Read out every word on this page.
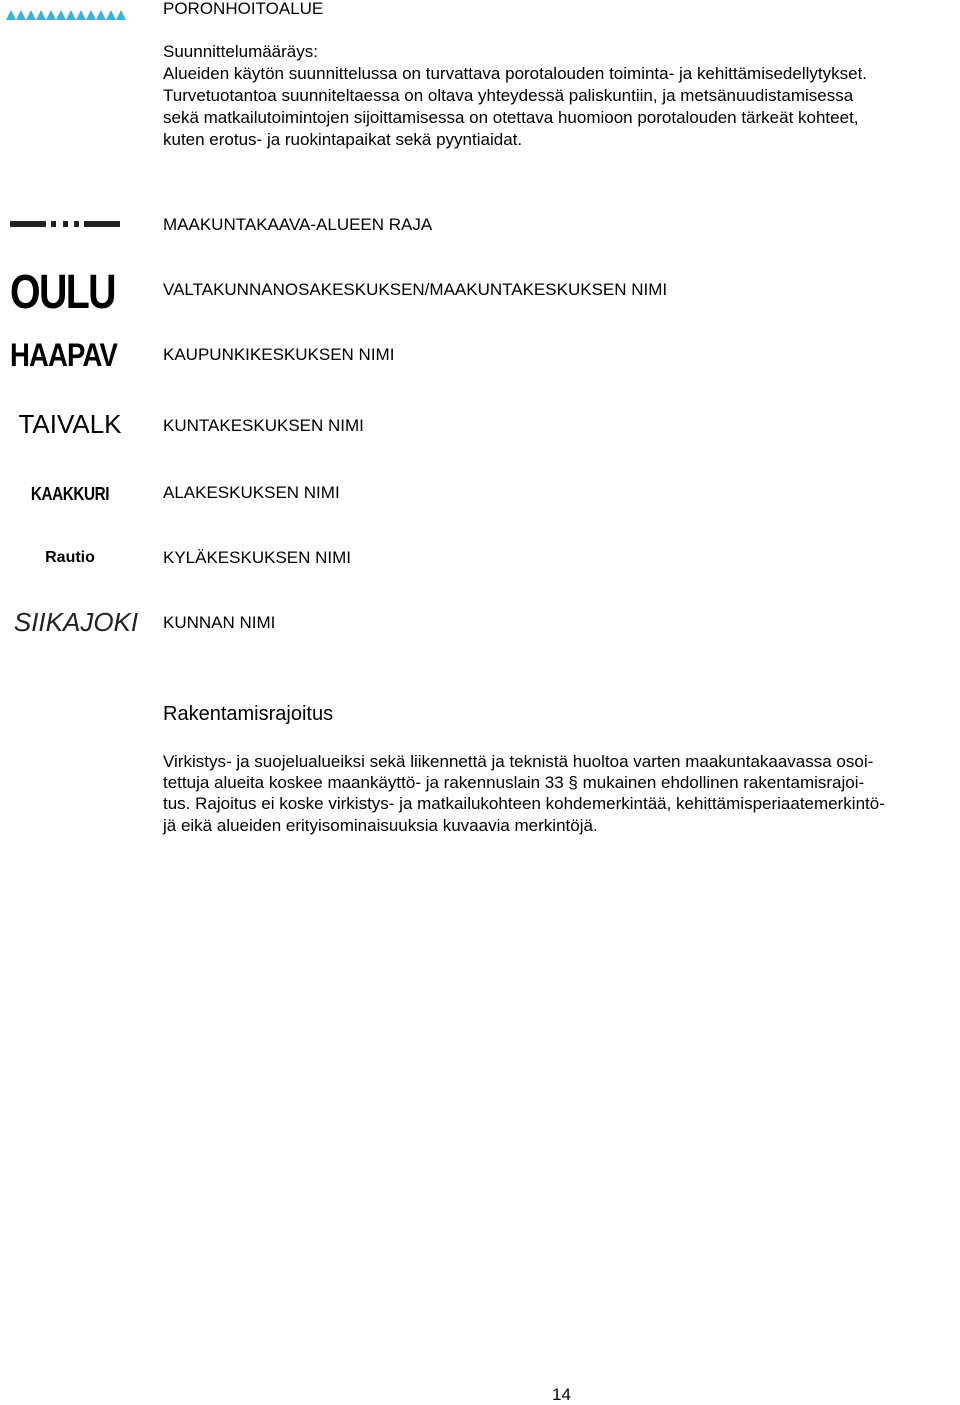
PORONHOITOALUE
Suunnittelumääräys:
Alueiden käytön suunnittelussa on turvattava porotalouden toiminta- ja kehittämisedellytykset.
Turvetuotantoa suunniteltaessa on oltava yhteydessä paliskuntiin, ja metsänuudistamisessa
sekä matkailutoimintojen sijoittamisessa on otettava huomioon porotalouden tärkeät kohteet,
kuten erotus- ja ruokintapaikat sekä pyyntiaidat.
MAAKUNTAKAAVA-ALUEEN RAJA
OULU	VALTAKUNNANOSAKESKUKSEN/MAAKUNTAKESKUKSEN NIMI
HAAPAV	KAUPUNKIKESKUKSEN NIMI
TAIVALK	KUNTAKESKUKSEN NIMI
KAAKKURI	ALAKESKUKSEN NIMI
Rautio	KYLÄKESKUKSEN NIMI
SIIKAJOKI	KUNNAN NIMI
Rakentamisrajoitus
Virkistys- ja suojelualueiksi sekä liikennettä ja teknistä huoltoa varten maakuntakaavassa osoi-
tettuja alueita koskee maankäyttö- ja rakennuslain 33 § mukainen ehdollinen rakentamisrajoi-
tus. Rajoitus ei koske virkistys- ja matkailukohteen kohdemerkintää, kehittämisperiaatemerkintö-
jä eikä alueiden erityisominaisuuksia kuvaavia merkintöjä.
14
